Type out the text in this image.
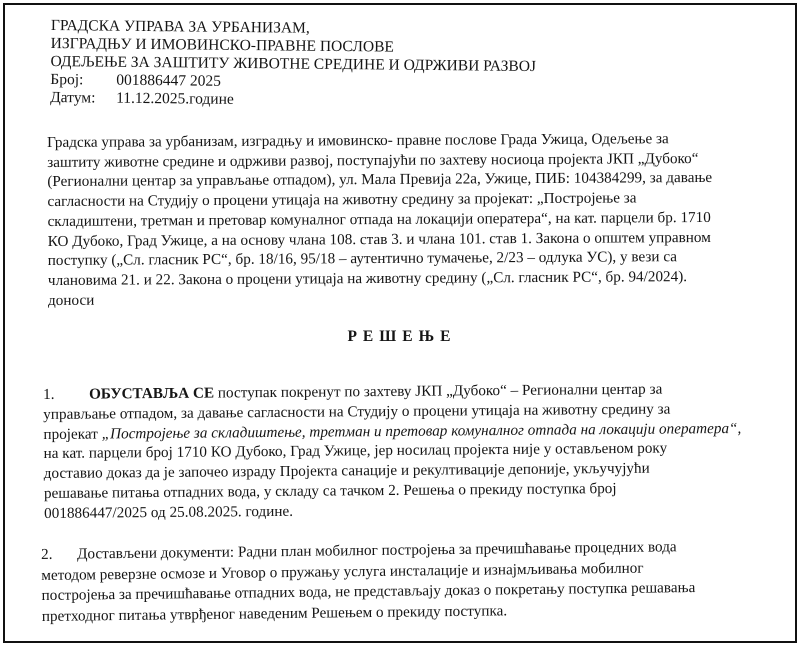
ГРАДСКА УПРАВА ЗА УРБАНИЗАМ,
ИЗГРАДЊУ И ИМОВИНСКО-ПРАВНЕ ПОСЛОВЕ
ОДЕЉЕЊЕ ЗА ЗАШТИТУ ЖИВОТНЕ СРЕДИНЕ И ОДРЖИВИ РАЗВОЈ
Број:	001886447 2025
Датум:	11.12.2025.године
Градска управа за урбанизам, изградњу и имовинско- правне послове Града Ужица, Одељење за
заштиту животне средине и одрживи развој, поступајући по захтеву носиоца пројекта ЈКП „Дубоко“
(Регионални центар за управљање отпадом), ул. Мала Превија 22а, Ужице, ПИБ: 104384299, за давање
сагласности на Студију о процени утицаја на животну средину за пројекат: „Постројење за
складиштени, третман и претовар комуналног отпада на локацији оператера“, на кат. парцели бр. 1710
КО Дубоко, Град Ужице, а на основу члана 108. став 3. и члана 101. став 1. Закона о општем управном
поступку („Сл. гласник РС“, бр. 18/16, 95/18 – аутентично тумачење, 2/23 – одлука УС), у вези са
члановима 21. и 22. Закона о процени утицаја на животну средину („Сл. гласник РС“, бр. 94/2024).
доноси
РЕШЕЊЕ
1. ОБУСТАВЉА СЕ поступак покренут по захтеву ЈКП „Дубоко“ – Регионални центар за
управљање отпадом, за давање сагласности на Студију о процени утицаја на животну средину за
пројекат „Постројење за складиштење, третман и претовар комуналног отпада на локацији оператера“,
на кат. парцели број 1710 КО Дубоко, Град Ужице, јер носилац пројекта није у остављеном року
доставио доказ да је започео израду Пројекта санације и рекултивације депоније, укључујући
решавање питања отпадних вода, у складу са тачком 2. Решења о прекиду поступка број
001886447/2025 од 25.08.2025. године.
2. Достављени документи: Радни план мобилног постројења за пречишћавање процедних вода
методом реверзне осмозе и Уговор о пружању услуга инсталације и изнајмљивања мобилног
постројења за пречишћавање отпадних вода, не представљају доказ о покретању поступка решавања
претходног питања утврђеног наведеним Решењем о прекиду поступка.
